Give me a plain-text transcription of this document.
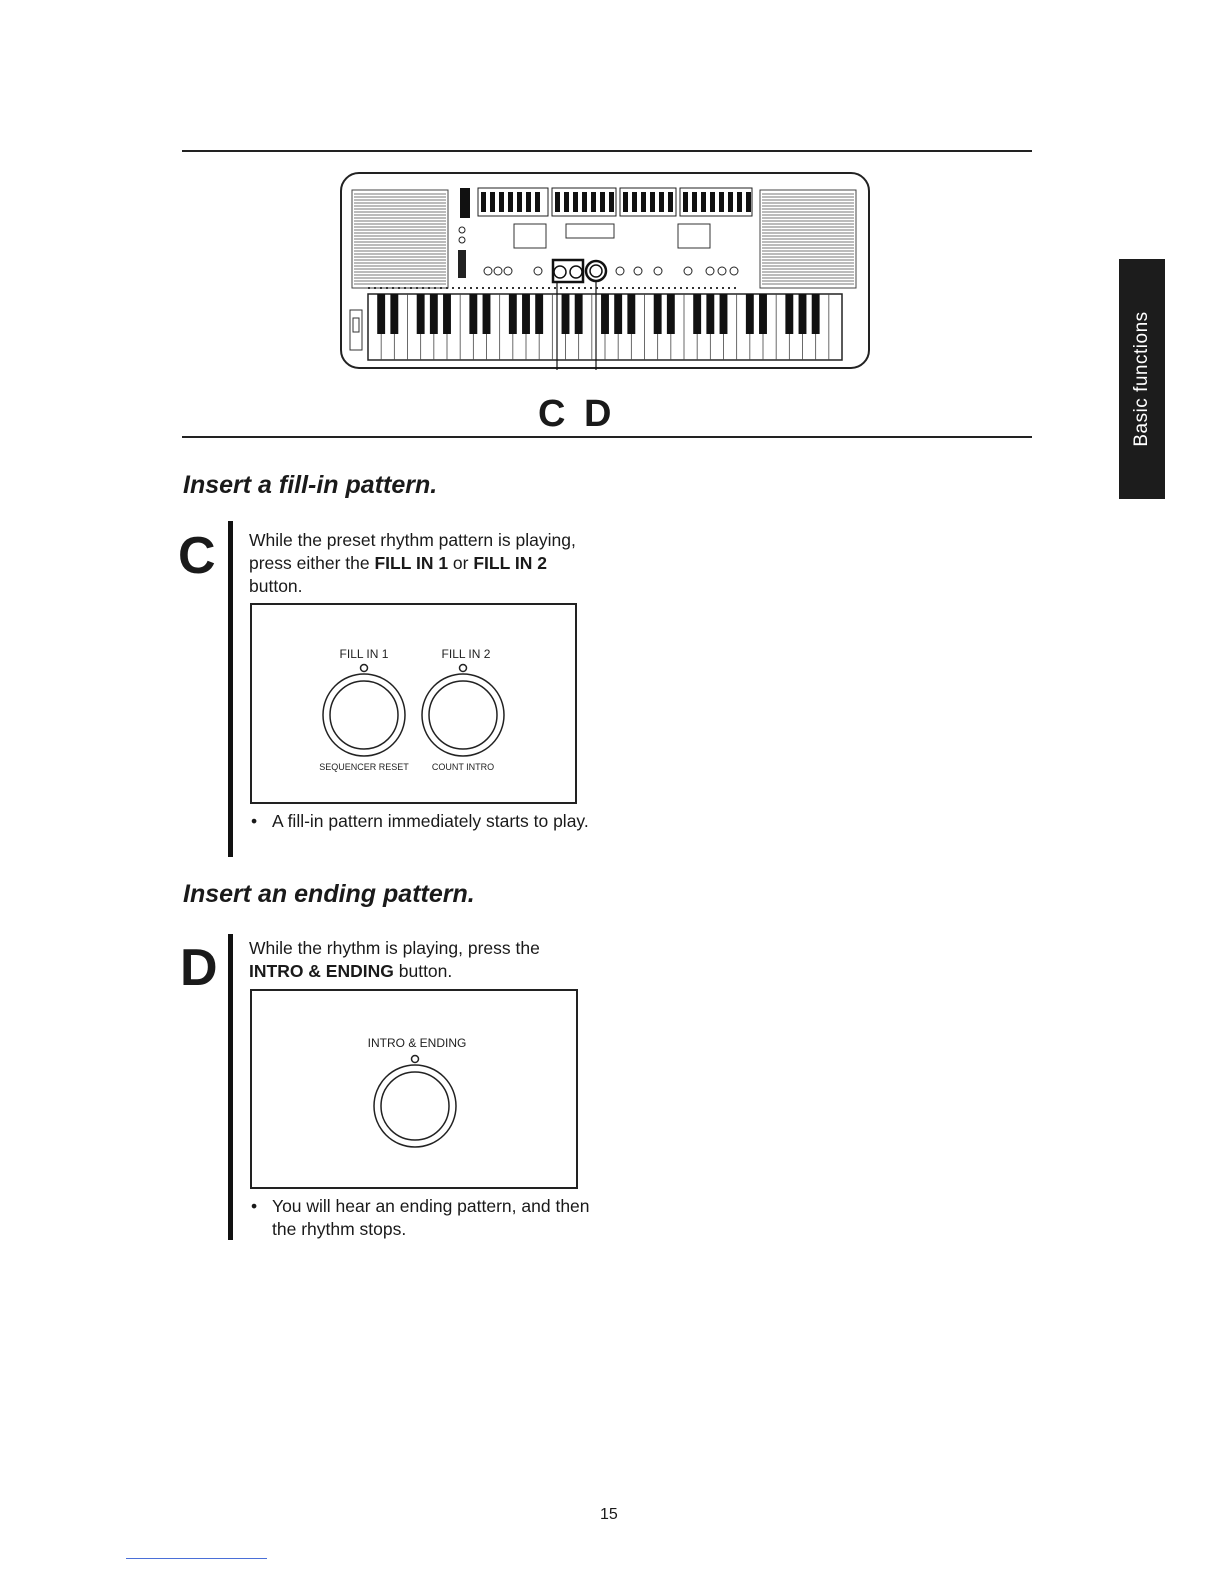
C D	Basic functions
Insert a fill-in pattern.
C While the preset rhythm pattern is playing, press either the FILL IN 1 or FILL IN 2 button.
FILL IN 1	FILL IN 2
SEQUENCER RESET	COUNT INTRO
• A fill-in pattern immediately starts to play.
Insert an ending pattern.
D While the rhythm is playing, press the INTRO & ENDING button.
INTRO & ENDING
• You will hear an ending pattern, and then the rhythm stops.
15
